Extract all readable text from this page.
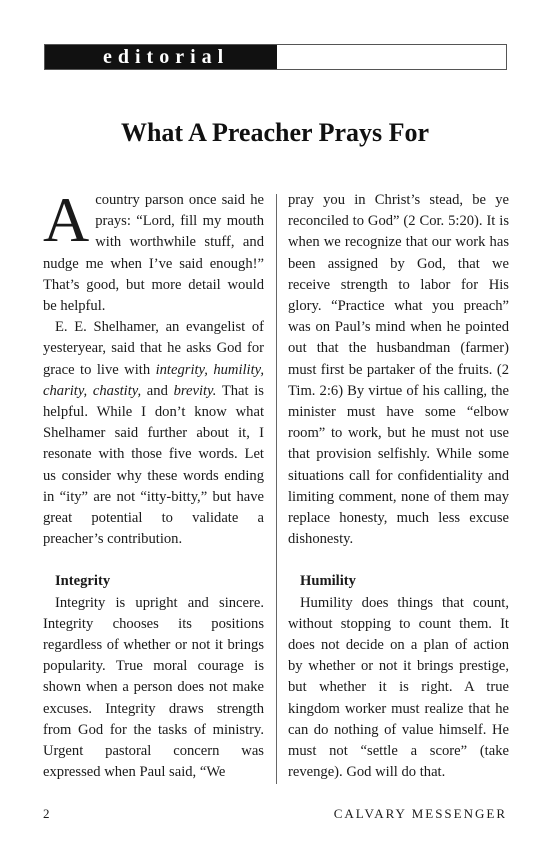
editorial
What A Preacher Prays For

Acountry parson once said he prays: “Lord, fill my mouth with worthwhile stuff, and nudge me when I’ve said enough!” That’s good, but more detail would be helpful.

E. E. Shelhamer, an evangelist of yesteryear, said that he asks God for grace to live with integrity, humility, charity, chastity, and brevity. That is helpful. While I don’t know what Shelhamer said further about it, I resonate with those five words. Let us consider why these words ending in “ity” are not “itty-bitty,” but have great potential to validate a preacher’s contribution.

Integrity

Integrity is upright and sincere. Integrity chooses its positions regardless of whether or not it brings popularity. True moral courage is shown when a person does not make excuses. Integrity draws strength from God for the tasks of ministry. Urgent pastoral concern was expressed when Paul said, “We

pray you in Christ’s stead, be ye reconciled to God” (2 Cor. 5:20). It is when we recognize that our work has been assigned by God, that we receive strength to labor for His glory. “Practice what you preach” was on Paul’s mind when he pointed out that the husbandman (farmer) must first be partaker of the fruits. (2 Tim. 2:6) By virtue of his calling, the minister must have some “elbow room” to work, but he must not use that provision selfishly. While some situations call for confidentiality and limiting comment, none of them may replace honesty, much less excuse dishonesty.

Humility

Humility does things that count, without stopping to count them. It does not decide on a plan of action by whether or not it brings prestige, but whether it is right. A true kingdom worker must realize that he can do nothing of value himself. He must not “settle a score” (take revenge). God will do that.

2	CALVARY MESSENGER
